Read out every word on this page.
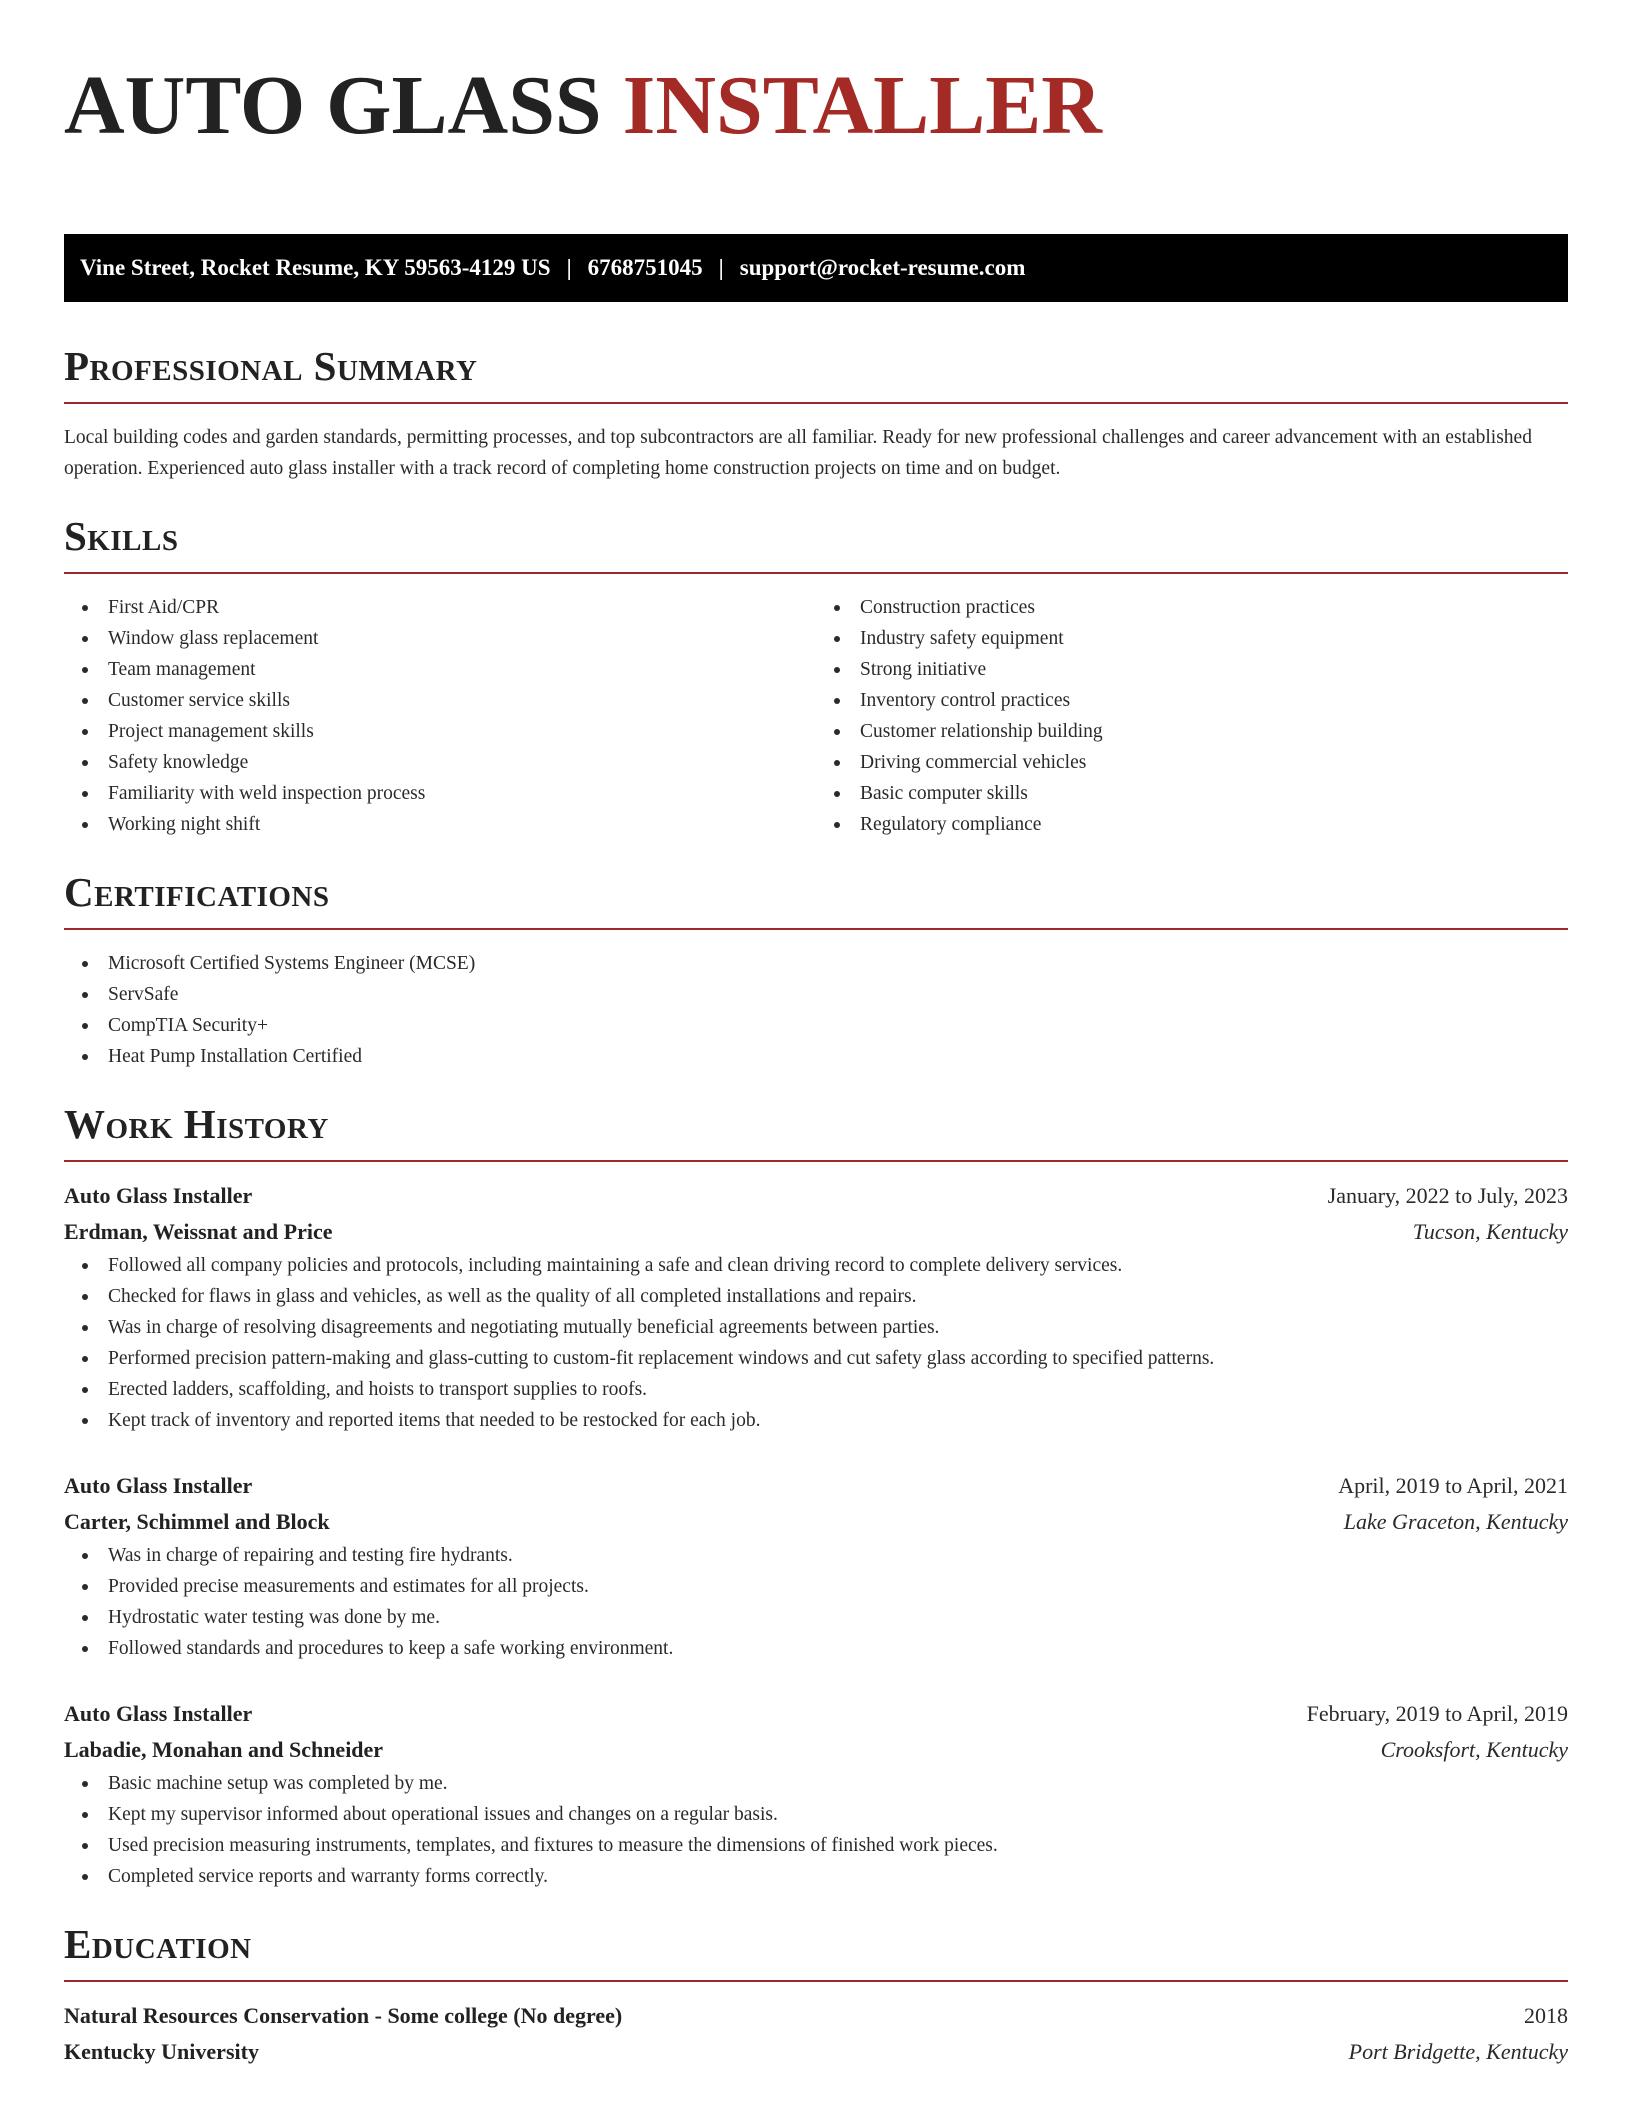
AUTO GLASS INSTALLER
Vine Street, Rocket Resume, KY 59563-4129 US | 6768751045 | support@rocket-resume.com
Professional Summary

Local building codes and garden standards, permitting processes, and top subcontractors are all familiar. Ready for new professional challenges and career advancement with an established operation. Experienced auto glass installer with a track record of completing home construction projects on time and on budget.

Skills
First Aid/CPR
Window glass replacement
Team management
Customer service skills
Project management skills
Safety knowledge
Familiarity with weld inspection process
Working night shift
Construction practices
Industry safety equipment
Strong initiative
Inventory control practices
Customer relationship building
Driving commercial vehicles
Basic computer skills
Regulatory compliance
Certifications
Microsoft Certified Systems Engineer (MCSE)
ServSafe
CompTIA Security+
Heat Pump Installation Certified
Work History
Auto Glass Installer	January, 2022 to July, 2023
Erdman, Weissnat and Price	Tucson, Kentucky
Followed all company policies and protocols, including maintaining a safe and clean driving record to complete delivery services.
Checked for flaws in glass and vehicles, as well as the quality of all completed installations and repairs.
Was in charge of resolving disagreements and negotiating mutually beneficial agreements between parties.
Performed precision pattern-making and glass-cutting to custom-fit replacement windows and cut safety glass according to specified patterns.
Erected ladders, scaffolding, and hoists to transport supplies to roofs.
Kept track of inventory and reported items that needed to be restocked for each job.
Auto Glass Installer	April, 2019 to April, 2021
Carter, Schimmel and Block	Lake Graceton, Kentucky
Was in charge of repairing and testing fire hydrants.
Provided precise measurements and estimates for all projects.
Hydrostatic water testing was done by me.
Followed standards and procedures to keep a safe working environment.
Auto Glass Installer	February, 2019 to April, 2019
Labadie, Monahan and Schneider	Crooksfort, Kentucky
Basic machine setup was completed by me.
Kept my supervisor informed about operational issues and changes on a regular basis.
Used precision measuring instruments, templates, and fixtures to measure the dimensions of finished work pieces.
Completed service reports and warranty forms correctly.
Education
Natural Resources Conservation - Some college (No degree)	2018
Kentucky University	Port Bridgette, Kentucky
